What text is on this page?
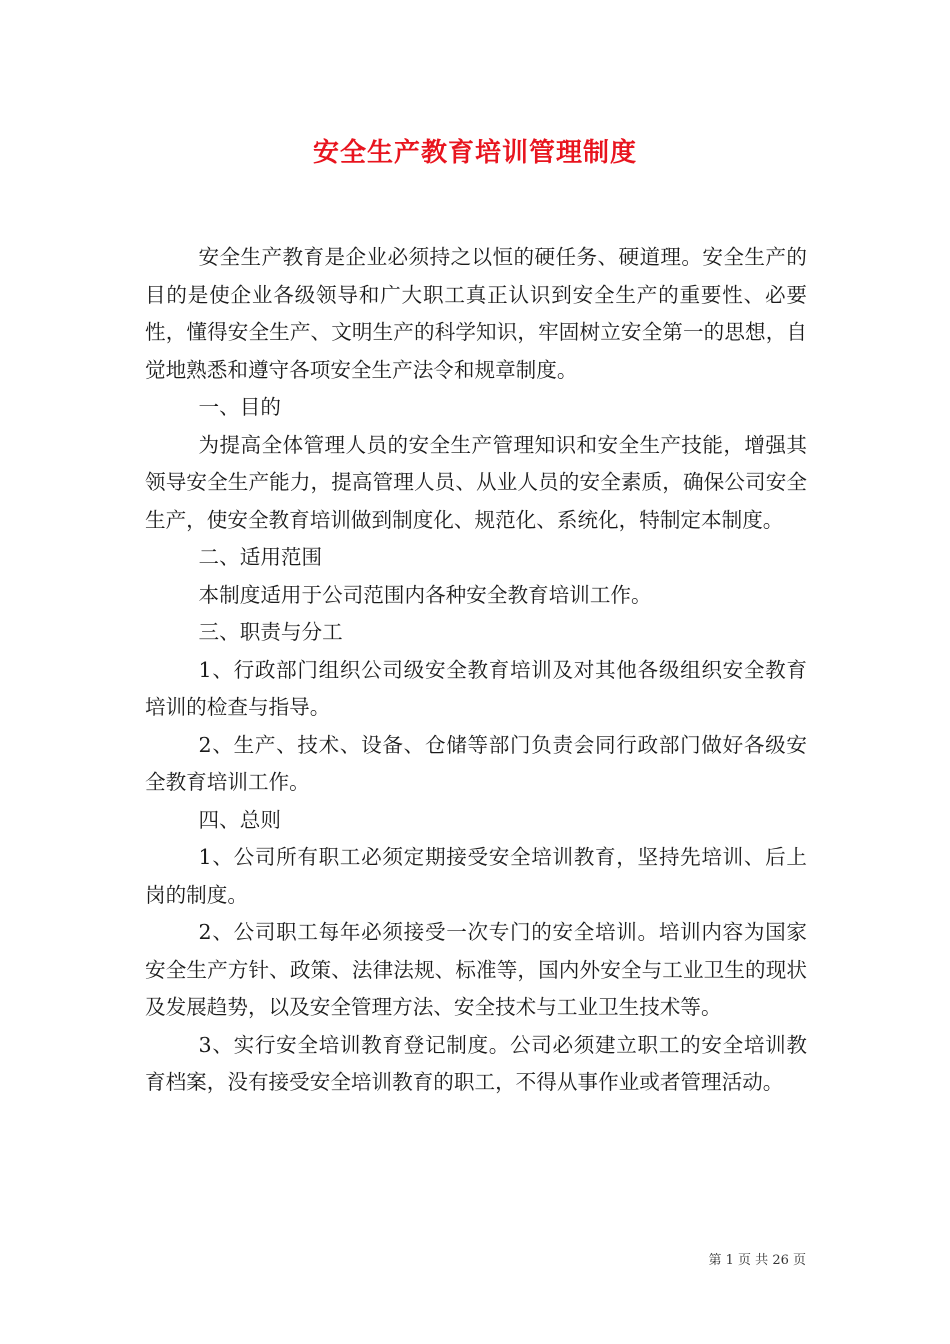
安全生产教育培训管理制度

安全生产教育是企业必须持之以恒的硬任务、硬道理。安全生产的目的是使企业各级领导和广大职工真正认识到安全生产的重要性、必要性，懂得安全生产、文明生产的科学知识，牢固树立安全第一的思想，自觉地熟悉和遵守各项安全生产法令和规章制度。

一、目的

为提高全体管理人员的安全生产管理知识和安全生产技能，增强其领导安全生产能力，提高管理人员、从业人员的安全素质，确保公司安全生产，使安全教育培训做到制度化、规范化、系统化，特制定本制度。

二、适用范围

本制度适用于公司范围内各种安全教育培训工作。

三、职责与分工

1、行政部门组织公司级安全教育培训及对其他各级组织安全教育培训的检查与指导。

2、生产、技术、设备、仓储等部门负责会同行政部门做好各级安全教育培训工作。

四、总则

1、公司所有职工必须定期接受安全培训教育，坚持先培训、后上岗的制度。

2、公司职工每年必须接受一次专门的安全培训。培训内容为国家安全生产方针、政策、法律法规、标准等，国内外安全与工业卫生的现状及发展趋势，以及安全管理方法、安全技术与工业卫生技术等。

3、实行安全培训教育登记制度。公司必须建立职工的安全培训教育档案，没有接受安全培训教育的职工，不得从事作业或者管理活动。

第 1 页 共 26 页
